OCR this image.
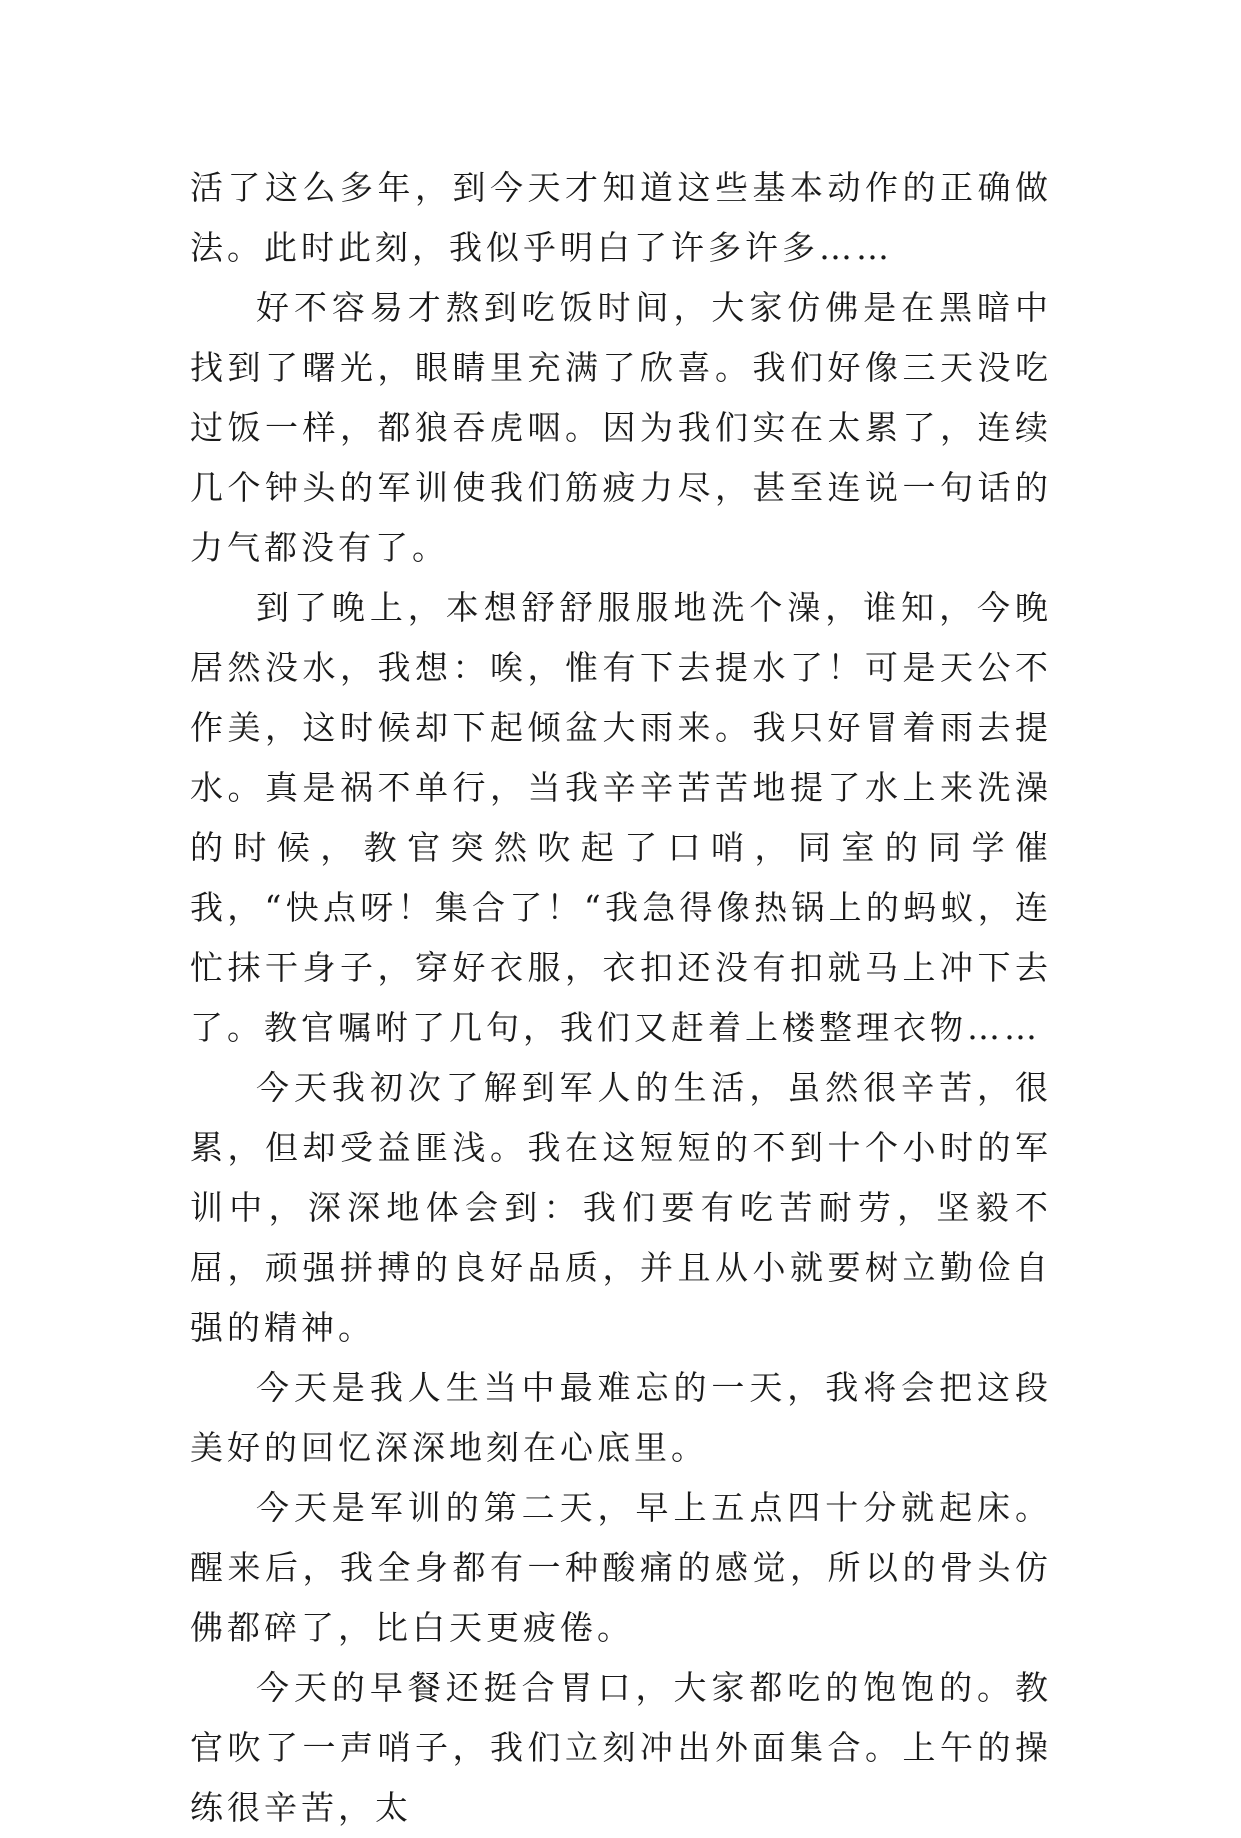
活了这么多年，到今天才知道这些基本动作的正确做法。此时此刻，我似乎明白了许多许多……

好不容易才熬到吃饭时间，大家仿佛是在黑暗中找到了曙光，眼睛里充满了欣喜。我们好像三天没吃过饭一样，都狼吞虎咽。因为我们实在太累了，连续几个钟头的军训使我们筋疲力尽，甚至连说一句话的力气都没有了。

到了晚上，本想舒舒服服地洗个澡，谁知，今晚居然没水，我想：唉，惟有下去提水了！可是天公不作美，这时候却下起倾盆大雨来。我只好冒着雨去提水。真是祸不单行，当我辛辛苦苦地提了水上来洗澡的时候，教官突然吹起了口哨，同室的同学催我，“快点呀！集合了！“我急得像热锅上的蚂蚁，连忙抹干身子，穿好衣服，衣扣还没有扣就马上冲下去了。教官嘱咐了几句，我们又赶着上楼整理衣物……

今天我初次了解到军人的生活，虽然很辛苦，很累，但却受益匪浅。我在这短短的不到十个小时的军训中，深深地体会到：我们要有吃苦耐劳，坚毅不屈，顽强拼搏的良好品质，并且从小就要树立勤俭自强的精神。

今天是我人生当中最难忘的一天，我将会把这段美好的回忆深深地刻在心底里。

今天是军训的第二天，早上五点四十分就起床。醒来后，我全身都有一种酸痛的感觉，所以的骨头仿佛都碎了，比白天更疲倦。

今天的早餐还挺合胃口，大家都吃的饱饱的。教官吹了一声哨子，我们立刻冲出外面集合。上午的操练很辛苦，太
